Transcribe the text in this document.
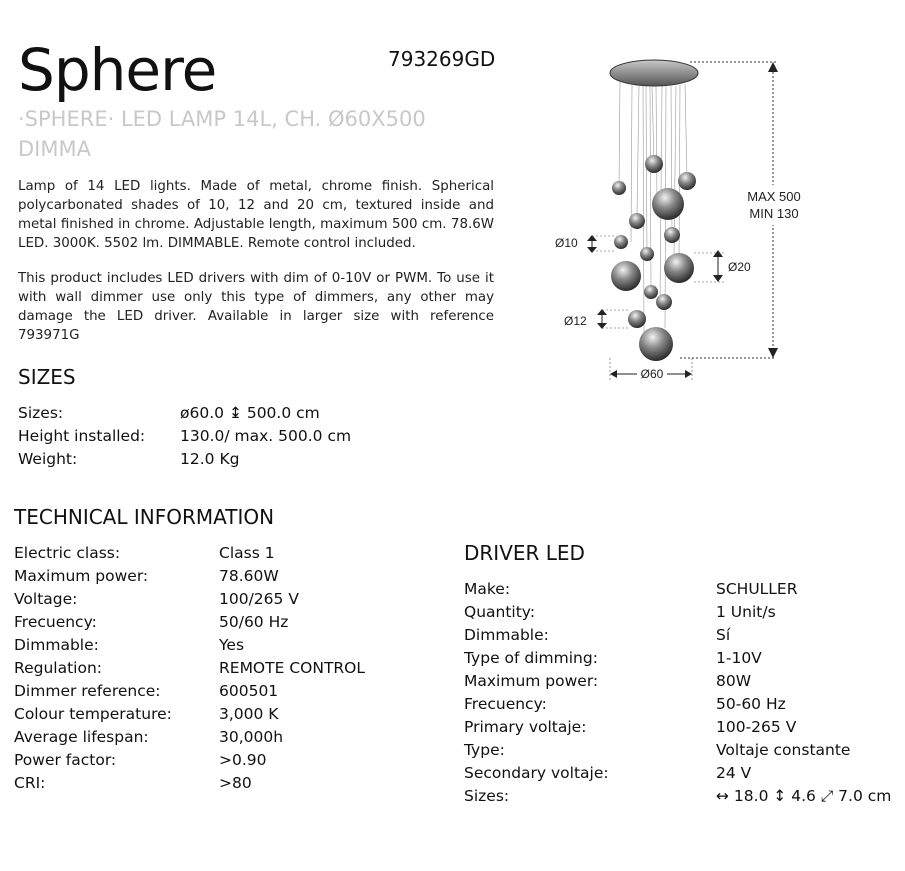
Sphere	793269GD
·SPHERE· LED LAMP 14L, CH. Ø60X500 DIMMA
Lamp of 14 LED lights. Made of metal, chrome finish. Spherical polycarbonated shades of 10, 12 and 20 cm, textured inside and metal finished in chrome. Adjustable length, maximum 500 cm. 78.6W LED. 3000K. 5502 lm. DIMMABLE. Remote control included.
This product includes LED drivers with dim of 0-10V or PWM. To use it with wall dimmer use only this type of dimmers, any other may damage the LED driver. Available in larger size with reference 793971G
MAX 500
MIN 130
Ø10
Ø20
Ø12
Ø60
SIZES
TECHNICAL INFORMATION
DRIVER LED
Sizes:	ø60.0 ↨ 500.0 cm
Height installed: 130.0/ max. 500.0 cm
Weight:	12.0 Kg
Electric class:	Class 1
Maximum power:	78.60W
Voltage:	100/265 V
Frecuency:	50/60 Hz
Dimmable:	Yes
Regulation:	REMOTE CONTROL
Dimmer reference:	600501
Colour temperature:	3,000 K
Average lifespan:	30,000h
Power factor:	>0.90
CRI:	>80
Make:	SCHULLER
Quantity:	1 Unit/s
Dimmable:	Sí
Type of dimming:	1-10V
Maximum power:	80W
Frecuency:	50-60 Hz
Primary voltaje:	100-265 V
Type:	Voltaje constante
Secondary voltaje:	24 V
Sizes:	↔ 18.0 ↕ 4.6 ⤢ 7.0 cm
